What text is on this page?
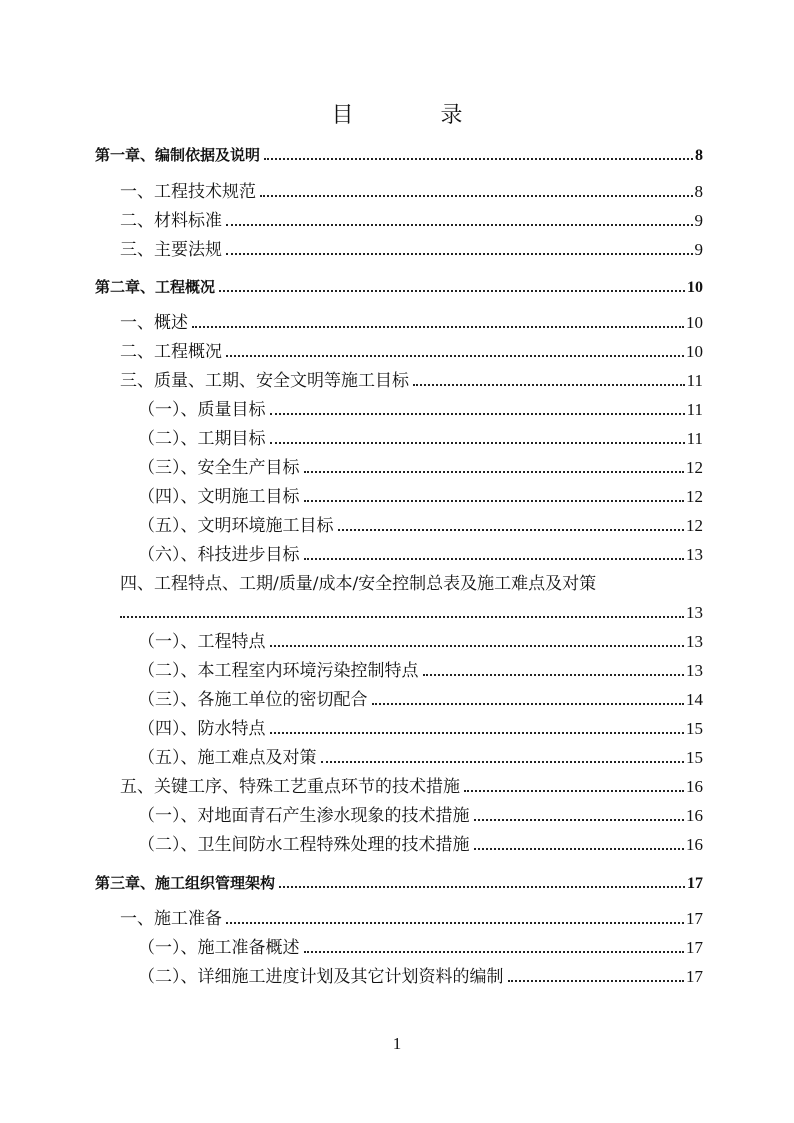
目 录
第一章、编制依据及说明	8
一、工程技术规范	8
二、材料标准	9
三、主要法规	9
第二章、工程概况	10
一、概述	10
二、工程概况	10
三、质量、工期、安全文明等施工目标	11
（一）、质量目标	11
（二）、工期目标	11
（三）、安全生产目标	12
（四）、文明施工目标	12
（五）、文明环境施工目标	12
（六）、科技进步目标	13
四、工程特点、工期/质量/成本/安全控制总表及施工难点及对策
13
（一）、工程特点	13
（二）、本工程室内环境污染控制特点	13
（三）、各施工单位的密切配合	14
（四）、防水特点	15
（五）、施工难点及对策	15
五、关键工序、特殊工艺重点环节的技术措施	16
（一）、对地面青石产生渗水现象的技术措施	16
（二）、卫生间防水工程特殊处理的技术措施	16
第三章、施工组织管理架构	17
一、施工准备	17
（一）、施工准备概述	17
（二）、详细施工进度计划及其它计划资料的编制	17
1
